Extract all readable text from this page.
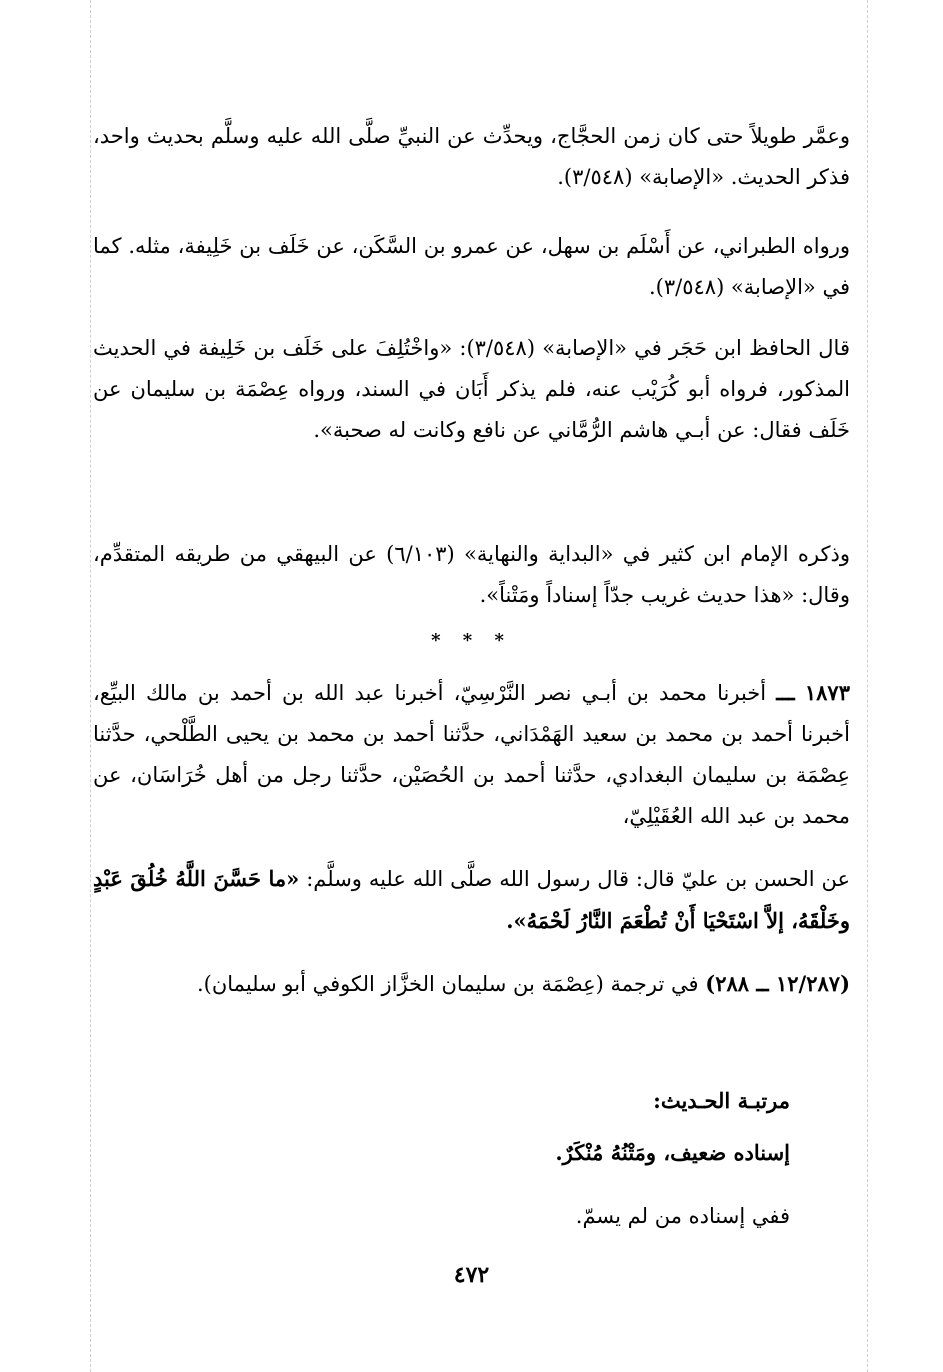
وعمَّر طويلاً حتى كان زمن الحجَّاج، ويحدِّث عن النبيِّ صلَّى الله عليه وسلَّم بحديث واحد، فذكر الحديث. «الإصابة» (٣/٥٤٨).

ورواه الطبراني، عن أَسْلَم بن سهل، عن عمرو بن السَّكَن، عن خَلَف بن خَلِيفة، مثله. كما في «الإصابة» (٣/٥٤٨).

قال الحافظ ابن حَجَر في «الإصابة» (٣/٥٤٨): «واخْتُلِفَ على خَلَف بن خَلِيفة في الحديث المذكور، فرواه أبو كُرَيْب عنه، فلم يذكر أَبَان في السند، ورواه عِصْمَة بن سليمان عن خَلَف فقال: عن أبـي هاشم الرُّمَّاني عن نافع وكانت له صحبة».

وذكره الإمام ابن كثير في «البداية والنهاية» (٦/١٠٣) عن البيهقي من طريقه المتقدِّم، وقال: «هذا حديث غريب جدّاً إسناداً ومَتْناً».

* * *

١٨٧٣ ـــ أخبرنا محمد بن أبـي نصر النَّرْسِيّ، أخبرنا عبد الله بن أحمد بن مالك البيِّع، أخبرنا أحمد بن محمد بن سعيد الهَمْدَاني، حدَّثنا أحمد بن محمد بن يحيى الطَّلْحي، حدَّثنا عِصْمَة بن سليمان البغدادي، حدَّثنا أحمد بن الحُصَيْن، حدَّثنا رجل من أهل خُرَاسَان، عن محمد بن عبد الله العُقَيْلِيّ،

عن الحسن بن عليّ قال: قال رسول الله صلَّى الله عليه وسلَّم: «ما حَسَّنَ اللَّهُ خُلُقَ عَبْدٍ وخَلْقَهُ، إلاَّ اسْتَحْيَا أَنْ تُطْعَمَ النَّارُ لَحْمَهُ».

(١٢/٢٨٧ ــ ٢٨٨) في ترجمة (عِصْمَة بن سليمان الخزَّاز الكوفي أبو سليمان).

مرتبـة الحـديث:
إسناده ضعيف، ومَتْنُهُ مُنْكَرٌ.
ففي إسناده من لم يسمّ.
٤٧٢
